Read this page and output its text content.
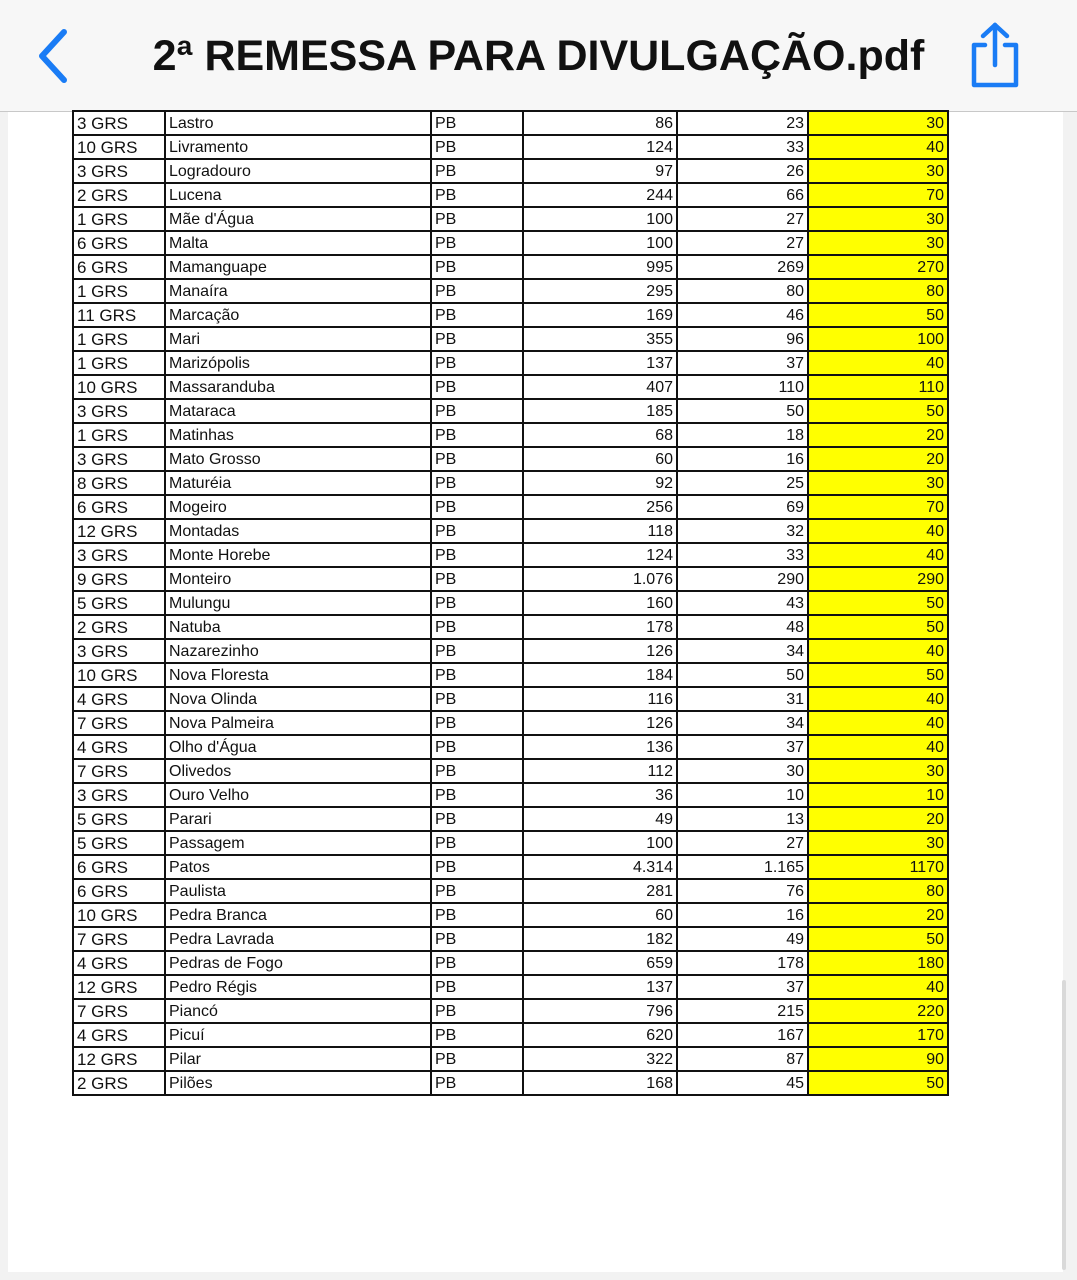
2ª REMESSA PARA DIVULGAÇÃO.pdf
3 GRS	Lastro	PB	86	23	30
10 GRS	Livramento	PB	124	33	40
3 GRS	Logradouro	PB	97	26	30
2 GRS	Lucena	PB	244	66	70
1 GRS	Mãe d'Água	PB	100	27	30
6 GRS	Malta	PB	100	27	30
6 GRS	Mamanguape	PB	995	269	270
1 GRS	Manaíra	PB	295	80	80
11 GRS	Marcação	PB	169	46	50
1 GRS	Mari	PB	355	96	100
1 GRS	Marizópolis	PB	137	37	40
10 GRS	Massaranduba	PB	407	110	110
3 GRS	Mataraca	PB	185	50	50
1 GRS	Matinhas	PB	68	18	20
3 GRS	Mato Grosso	PB	60	16	20
8 GRS	Maturéia	PB	92	25	30
6 GRS	Mogeiro	PB	256	69	70
12 GRS	Montadas	PB	118	32	40
3 GRS	Monte Horebe	PB	124	33	40
9 GRS	Monteiro	PB	1.076	290	290
5 GRS	Mulungu	PB	160	43	50
2 GRS	Natuba	PB	178	48	50
3 GRS	Nazarezinho	PB	126	34	40
10 GRS	Nova Floresta	PB	184	50	50
4 GRS	Nova Olinda	PB	116	31	40
7 GRS	Nova Palmeira	PB	126	34	40
4 GRS	Olho d'Água	PB	136	37	40
7 GRS	Olivedos	PB	112	30	30
3 GRS	Ouro Velho	PB	36	10	10
5 GRS	Parari	PB	49	13	20
5 GRS	Passagem	PB	100	27	30
6 GRS	Patos	PB	4.314	1.165	1170
6 GRS	Paulista	PB	281	76	80
10 GRS	Pedra Branca	PB	60	16	20
7 GRS	Pedra Lavrada	PB	182	49	50
4 GRS	Pedras de Fogo	PB	659	178	180
12 GRS	Pedro Régis	PB	137	37	40
7 GRS	Piancó	PB	796	215	220
4 GRS	Picuí	PB	620	167	170
12 GRS	Pilar	PB	322	87	90
2 GRS	Pilões	PB	168	45	50
